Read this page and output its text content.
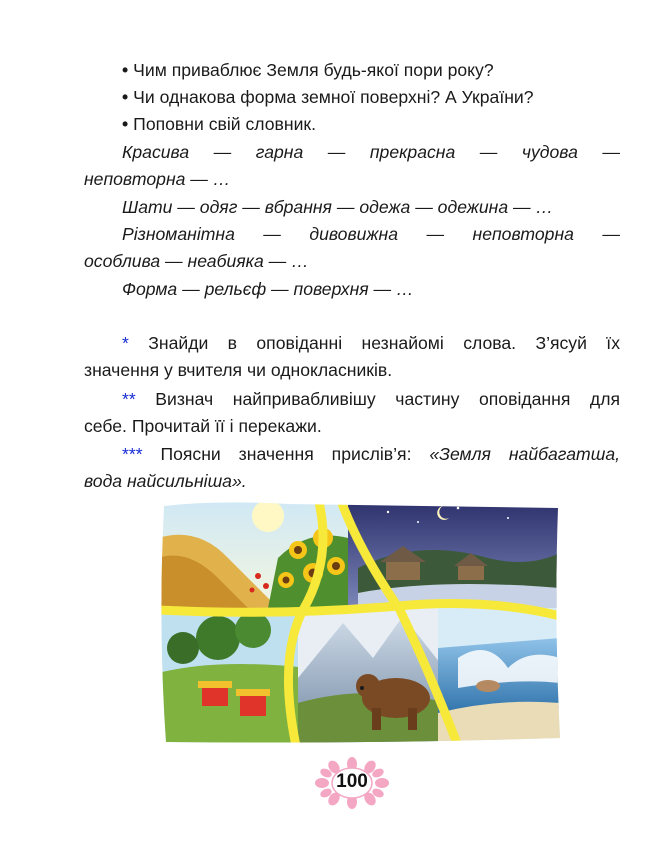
• Чим приваблює Земля будь-якої пори року?
• Чи однакова форма земної поверхні? А України?
• Поповни свій словник.
Красива — гарна — прекрасна — чудова —
неповторна — …
Шати — одяг — вбрання — одежа — одежина — …
Різноманітна — дивовижна — неповторна —
особлива — неабияка — …
Форма — рельєф — поверхня — …
* Знайди в оповіданні незнайомі слова. З’ясуй їх
значення у вчителя чи однокласників.
** Визнач найпривабливішу частину оповідання для
себе. Прочитай її і перекажи.
*** Поясни значення прислів’я: «Земля найбагатша,
вода найсильніша».
100
